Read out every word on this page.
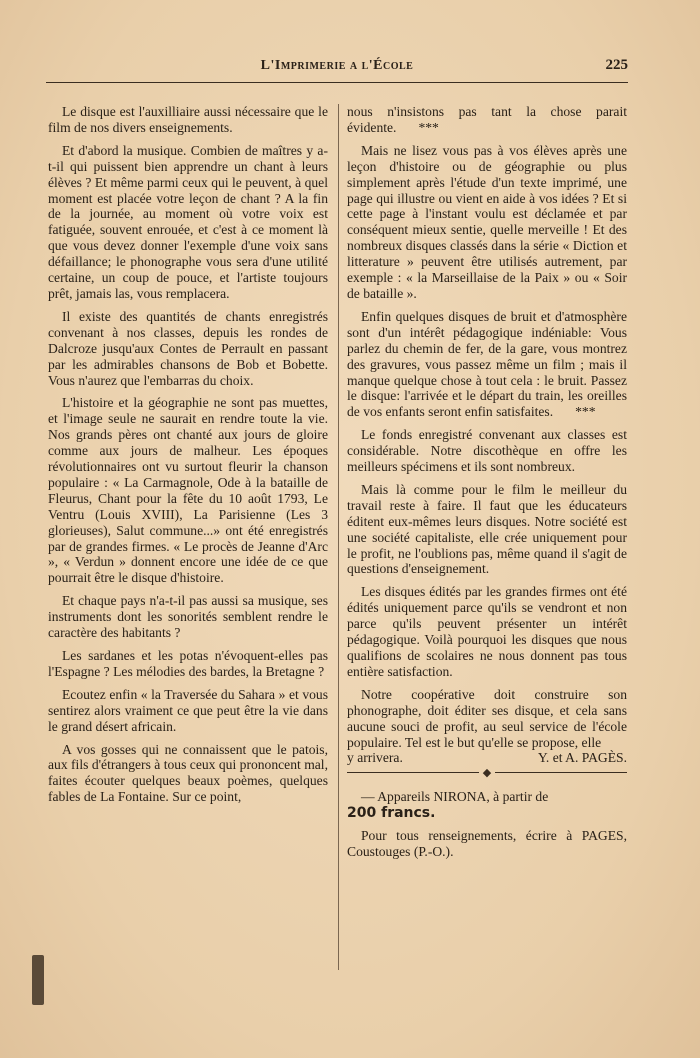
L'Imprimerie a l'École	225

Le disque est l'auxilliaire aussi nécessaire que le film de nos divers enseignements.

Et d'abord la musique. Combien de maîtres y a-t-il qui puissent bien apprendre un chant à leurs élèves ? Et même parmi ceux qui le peuvent, à quel moment est placée votre leçon de chant ? A la fin de la journée, au moment où votre voix est fatiguée, souvent enrouée, et c'est à ce moment là que vous devez donner l'exemple d'une voix sans défaillance; le phonographe vous sera d'une utilité certaine, un coup de pouce, et l'artiste toujours prêt, jamais las, vous remplacera.

Il existe des quantités de chants enregistrés convenant à nos classes, depuis les rondes de Dalcroze jusqu'aux Contes de Perrault en passant par les admirables chansons de Bob et Bobette. Vous n'aurez que l'embarras du choix.

L'histoire et la géographie ne sont pas muettes, et l'image seule ne saurait en rendre toute la vie. Nos grands pères ont chanté aux jours de gloire comme aux jours de malheur. Les époques révolutionnaires ont vu surtout fleurir la chanson populaire : « La Carmagnole, Ode à la bataille de Fleurus, Chant pour la fête du 10 août 1793, Le Ventru (Louis XVIII), La Parisienne (Les 3 glorieuses), Salut commune...» ont été enregistrés par de grandes firmes. « Le procès de Jeanne d'Arc », « Verdun » donnent encore une idée de ce que pourrait être le disque d'histoire.

Et chaque pays n'a-t-il pas aussi sa musique, ses instruments dont les sonorités semblent rendre le caractère des habitants ?

Les sardanes et les potas n'évoquent-elles pas l'Espagne ? Les mélodies des bardes, la Bretagne ?

Ecoutez enfin « la Traversée du Sahara » et vous sentirez alors vraiment ce que peut être la vie dans le grand désert africain.

A vos gosses qui ne connaissent que le patois, aux fils d'étrangers à tous ceux qui prononcent mal, faites écouter quelques beaux poèmes, quelques fables de La Fontaine. Sur ce point,

nous n'insistons pas tant la chose parait évidente. ***

Mais ne lisez vous pas à vos élèves après une leçon d'histoire ou de géographie ou plus simplement après l'étude d'un texte imprimé, une page qui illustre ou vient en aide à vos idées ? Et si cette page à l'instant voulu est déclamée et par conséquent mieux sentie, quelle merveille ! Et des nombreux disques classés dans la série « Diction et litterature » peuvent être utilisés autrement, par exemple : « la Marseillaise de la Paix » ou « Soir de bataille ».

Enfin quelques disques de bruit et d'atmosphère sont d'un intérêt pédagogique indéniable: Vous parlez du chemin de fer, de la gare, vous montrez des gravures, vous passez même un film ; mais il manque quelque chose à tout cela : le bruit. Passez le disque: l'arrivée et le départ du train, les oreilles de vos enfants seront enfin satisfaites. ***

Le fonds enregistré convenant aux classes est considérable. Notre discothèque en offre les meilleurs spécimens et ils sont nombreux.

Mais là comme pour le film le meilleur du travail reste à faire. Il faut que les éducateurs éditent eux-mêmes leurs disques. Notre société est une société capitaliste, elle crée uniquement pour le profit, ne l'oublions pas, même quand il s'agit de questions d'enseignement.

Les disques édités par les grandes firmes ont été édités uniquement parce qu'ils se vendront et non parce qu'ils peuvent présenter un intérêt pédagogique. Voilà pourquoi les disques que nous qualifions de scolaires ne nous donnent pas tous entière satisfaction.

Notre coopérative doit construire son phonographe, doit éditer ses disque, et cela sans aucune souci de profit, au seul service de l'école populaire. Tel est le but qu'elle se propose, elle

y arrivera.	Y. et A. PAGÈS.
◆

— Appareils NIRONA, à partir de

200 francs.

Pour tous renseignements, écrire à PAGES, Coustouges (P.-O.).
